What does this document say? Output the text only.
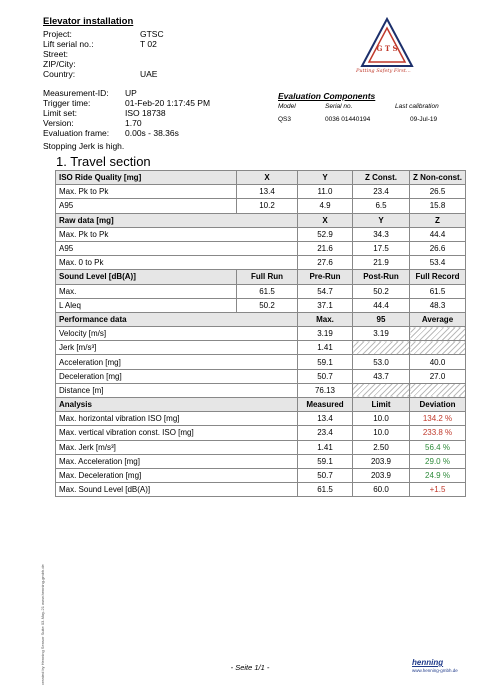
Elevator installation
Project:	GTSC
Lift serial no.:	T 02
Street:
ZIP/City:
Country:	UAE
G T S
Putting Safety First...
Measurement-ID: UP
Trigger time:	01-Feb-20 1:17:45 PM
Limit set:	ISO 18738
Version:	1.70
Evaluation frame: 0.00s - 38.36s
Evaluation Components
Model	Serial no.	Last calibration
QS3	0036 01440194	09-Jul-19
Stopping Jerk is high.
1. Travel section
ISO Ride Quality [mg]	X	Y	Z Const.	Z Non-const.
Max. Pk to Pk	13.4	11.0	23.4	26.5
A95	10.2	4.9	6.5	15.8
Raw data [mg]		X	Y	Z
Max. Pk to Pk		52.9	34.3	44.4
A95		21.6	17.5	26.6
Max. 0 to Pk		27.6	21.9	53.4
Sound Level [dB(A)]	Full Run	Pre-Run	Post-Run	Full Record
Max.	61.5	54.7	50.2	61.5
L Aleq	50.2	37.1	44.4	48.3
Performance data		Max.	95	Average
Velocity [m/s]		3.19	3.19	
Jerk [m/s³]		1.41		
Acceleration [mg]		59.1	53.0	40.0
Deceleration [mg]		50.7	43.7	27.0
Distance [m]		76.13		
Analysis		Measured	Limit	Deviation
Max. horizontal vibration ISO [mg]		13.4	10.0	134.2 %
Max. vertical vibration const. ISO [mg]		23.4	10.0	233.8 %
Max. Jerk [m/s³]		1.41	2.50	56.4 %
Max. Acceleration [mg]		59.1	203.9	29.0 %
Max. Deceleration [mg]		50.7	203.9	24.9 %
Max. Sound Level [dB(A)]		61.5	60.0	+1.5
created by Henning Sensor Suite 03-May-21 www.henning-gmbh.de	- Seite 1/1 -
henning
www.henning-gmbh.de
